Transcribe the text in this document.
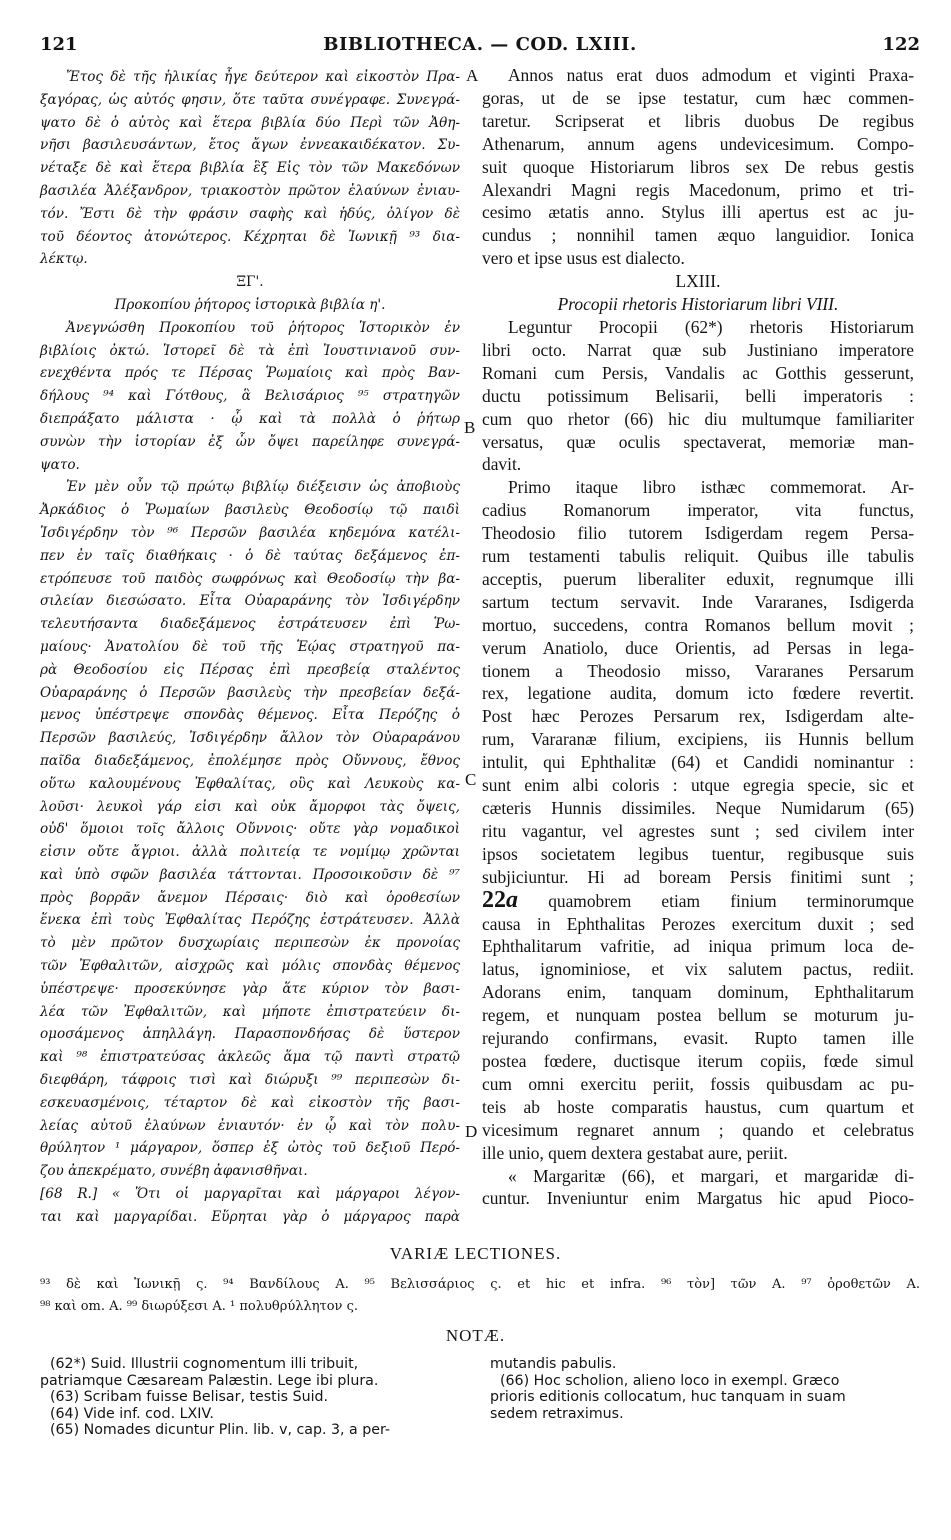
121	BIBLIOTHECA. — COD. LXIII.	122
Ἔτος δὲ τῆς ἡλικίας ἦγε δεύτερον καὶ εἰκοστὸν Πρα-
ξαγόρας, ὡς αὐτός φησιν, ὅτε ταῦτα συνέγραφε. Συνεγρά-
ψατο δὲ ὁ αὐτὸς καὶ ἕτερα βιβλία δύο Περὶ τῶν Ἀθη-
νῆσι βασιλευσάντων, ἔτος ἄγων ἐννεακαιδέκατον. Συ-
νέταξε δὲ καὶ ἕτερα βιβλία ἓξ Εἰς τὸν τῶν Μακεδόνων
βασιλέα Ἀλέξανδρον, τριακοστὸν πρῶτον ἐλαύνων ἐνιαυ-
τόν. Ἔστι δὲ τὴν φράσιν σαφὴς καὶ ἡδύς, ὀλίγον δὲ
τοῦ δέοντος ἀτονώτερος. Κέχρηται δὲ Ἰωνικῇ ⁹³ δια-
λέκτῳ.
ΞΓ'.
Προκοπίου ῥήτορος ἱστορικὰ βιβλία η'.
Ἀνεγνώσθη Προκοπίου τοῦ ῥήτορος Ἱστορικὸν ἐν
βιβλίοις ὀκτώ. Ἱστορεῖ δὲ τὰ ἐπὶ Ἰουστινιανοῦ συν-
ενεχθέντα πρός τε Πέρσας Ῥωμαίοις καὶ πρὸς Βαν-
δήλους ⁹⁴ καὶ Γότθους, ἃ Βελισάριος ⁹⁵ στρατηγῶν
διεπράξατο μάλιστα · ᾧ καὶ τὰ πολλὰ ὁ ῥήτωρ
συνὼν τὴν ἱστορίαν ἐξ ὧν ὄψει παρείληφε συνεγρά-
ψατο.
Ἐν μὲν οὖν τῷ πρώτῳ βιβλίῳ διέξεισιν ὡς ἀποβιοὺς
Ἀρκάδιος ὁ Ῥωμαίων βασιλεὺς Θεοδοσίῳ τῷ παιδὶ
Ἰσδιγέρδην τὸν ⁹⁶ Περσῶν βασιλέα κηδεμόνα κατέλι-
πεν ἐν ταῖς διαθήκαις · ὁ δὲ ταύτας δεξάμενος ἐπ-
ετρόπευσε τοῦ παιδὸς σωφρόνως καὶ Θεοδοσίῳ τὴν βα-
σιλείαν διεσώσατο. Εἶτα Οὐαραράνης τὸν Ἰσδιγέρδην
τελευτήσαντα διαδεξάμενος ἐστράτευσεν ἐπὶ Ῥω-
μαίους· Ἀνατολίου δὲ τοῦ τῆς Ἑῴας στρατηγοῦ πα-
ρὰ Θεοδοσίου εἰς Πέρσας ἐπὶ πρεσβείᾳ σταλέντος
Οὐαραράνης ὁ Περσῶν βασιλεὺς τὴν πρεσβείαν δεξά-
μενος ὑπέστρεψε σπονδὰς θέμενος. Εἶτα Περόζης ὁ
Περσῶν βασιλεύς, Ἰσδιγέρδην ἄλλον τὸν Οὐαραράνου
παῖδα διαδεξάμενος, ἐπολέμησε πρὸς Οὔννους, ἔθνος
οὕτω καλουμένους Ἐφθαλίτας, οὓς καὶ Λευκοὺς κα-
λοῦσι· λευκοὶ γάρ εἰσι καὶ οὐκ ἄμορφοι τὰς ὄψεις,
οὐδ' ὅμοιοι τοῖς ἄλλοις Οὔννοις· οὔτε γὰρ νομαδικοὶ
εἰσιν οὔτε ἄγριοι. ἀλλὰ πολιτείᾳ τε νομίμῳ χρῶνται
καὶ ὑπὸ σφῶν βασιλέα τάττονται. Προσοικοῦσιν δὲ ⁹⁷
πρὸς βορρᾶν ἄνεμον Πέρσαις· διὸ καὶ ὁροθεσίων
ἕνεκα ἐπὶ τοὺς Ἐφθαλίτας Περόζης ἐστράτευσεν. Ἀλλὰ
τὸ μὲν πρῶτον δυσχωρίαις περιπεσὼν ἐκ προνοίας
τῶν Ἐφθαλιτῶν, αἰσχρῶς καὶ μόλις σπονδὰς θέμενος
ὑπέστρεψε· προσεκύνησε γὰρ ἅτε κύριον τὸν βασι-
λέα τῶν Ἐφθαλιτῶν, καὶ μήποτε ἐπιστρατεύειν δι-
ομοσάμενος ἀπηλλάγη. Παρασπονδήσας δὲ ὕστερον
καὶ ⁹⁸ ἐπιστρατεύσας ἀκλεῶς ἅμα τῷ παντὶ στρατῷ
διεφθάρη, τάφροις τισὶ καὶ διώρυξι ⁹⁹ περιπεσὼν δι-
εσκευασμένοις, τέταρτον δὲ καὶ εἰκοστὸν τῆς βασι-
λείας αὐτοῦ ἐλαύνων ἐνιαυτόν· ἐν ᾧ καὶ τὸν πολυ-
θρύλητον ¹ μάργαρον, ὅσπερ ἐξ ὠτὸς τοῦ δεξιοῦ Περό-
ζου ἀπεκρέματο, συνέβη ἀφανισθῆναι.
[68 R.] « Ὅτι οἱ μαργαρῖται καὶ μάργαροι λέγον-
ται καὶ μαργαρίδαι. Εὕρηται γὰρ ὁ μάργαρος παρὰ
Annos natus erat duos admodum et viginti Praxa-
goras, ut de se ipse testatur, cum hæc commen-
taretur. Scripserat et libris duobus De regibus
Athenarum, annum agens undevicesimum. Compo-
suit quoque Historiarum libros sex De rebus gestis
Alexandri Magni regis Macedonum, primo et tri-
cesimo ætatis anno. Stylus illi apertus est ac ju-
cundus ; nonnihil tamen æquo languidior. Ionica
vero et ipse usus est dialecto.
LXIII.
Procopii rhetoris Historiarum libri VIII.
Leguntur Procopii (62*) rhetoris Historiarum
libri octo. Narrat quæ sub Justiniano imperatore
Romani cum Persis, Vandalis ac Gotthis gesserunt,
ductu potissimum Belisarii, belli imperatoris :
cum quo rhetor (66) hic diu multumque familiariter
versatus, quæ oculis spectaverat, memoriæ man-
davit.
Primo itaque libro isthæc commemorat. Ar-
cadius Romanorum imperator, vita functus,
Theodosio filio tutorem Isdigerdam regem Persa-
rum testamenti tabulis reliquit. Quibus ille tabulis
acceptis, puerum liberaliter eduxit, regnumque illi
sartum tectum servavit. Inde Vararanes, Isdigerda
mortuo, succedens, contra Romanos bellum movit ;
verum Anatiolo, duce Orientis, ad Persas in lega-
tionem a Theodosio misso, Vararanes Persarum
rex, legatione audita, domum icto fœdere revertit.
Post hæc Perozes Persarum rex, Isdigerdam alte-
rum, Vararanæ filium, excipiens, iis Hunnis bellum
intulit, qui Ephthalitæ (64) et Candidi nominantur :
sunt enim albi coloris : utque egregia specie, sic et
cæteris Hunnis dissimiles. Neque Numidarum (65)
ritu vagantur, vel agrestes sunt ; sed civilem inter
ipsos societatem legibus tuentur, regibusque suis
subjiciuntur. Hi ad boream Persis finitimi sunt ;
22a quamobrem etiam finium terminorumque
causa in Ephthalitas Perozes exercitum duxit ; sed
Ephthalitarum vafritie, ad iniqua primum loca de-
latus, ignominiose, et vix salutem pactus, rediit.
Adorans enim, tanquam dominum, Ephthalitarum
regem, et nunquam postea bellum se moturum ju-
rejurando confirmans, evasit. Rupto tamen ille
postea fœdere, ductisque iterum copiis, fœde simul
cum omni exercitu periit, fossis quibusdam ac pu-
teis ab hoste comparatis haustus, cum quartum et
vicesimum regnaret annum ; quando et celebratus
ille unio, quem dextera gestabat aure, periit.
« Margaritæ (66), et margari, et margaridæ di-
cuntur. Inveniuntur enim Margatus hic apud Pioco-
A
B
C
D
VARIÆ LECTIONES.
⁹³ δὲ καὶ Ἰωνικῇ ς. ⁹⁴ Βανδίλους A. ⁹⁵ Βελισσάριος ς. et hic et infra. ⁹⁶ τὸν] τῶν A. ⁹⁷ ὁροθετῶν A.
⁹⁸ καὶ om. A. ⁹⁹ διωρύξεσι A. ¹ πολυθρύλλητον ς.
NOTÆ.
(62*) Suid. Illustrii cognomentum illi tribuit,
patriamque Cæsaream Palæstin. Lege ibi plura.
(63) Scribam fuisse Belisar, testis Suid.
(64) Vide inf. cod. LXIV.
(65) Nomades dicuntur Plin. lib. v, cap. 3, a per-
mutandis pabulis.
(66) Hoc scholion, alieno loco in exempl. Græco
prioris editionis collocatum, huc tanquam in suam
sedem retraximus.
